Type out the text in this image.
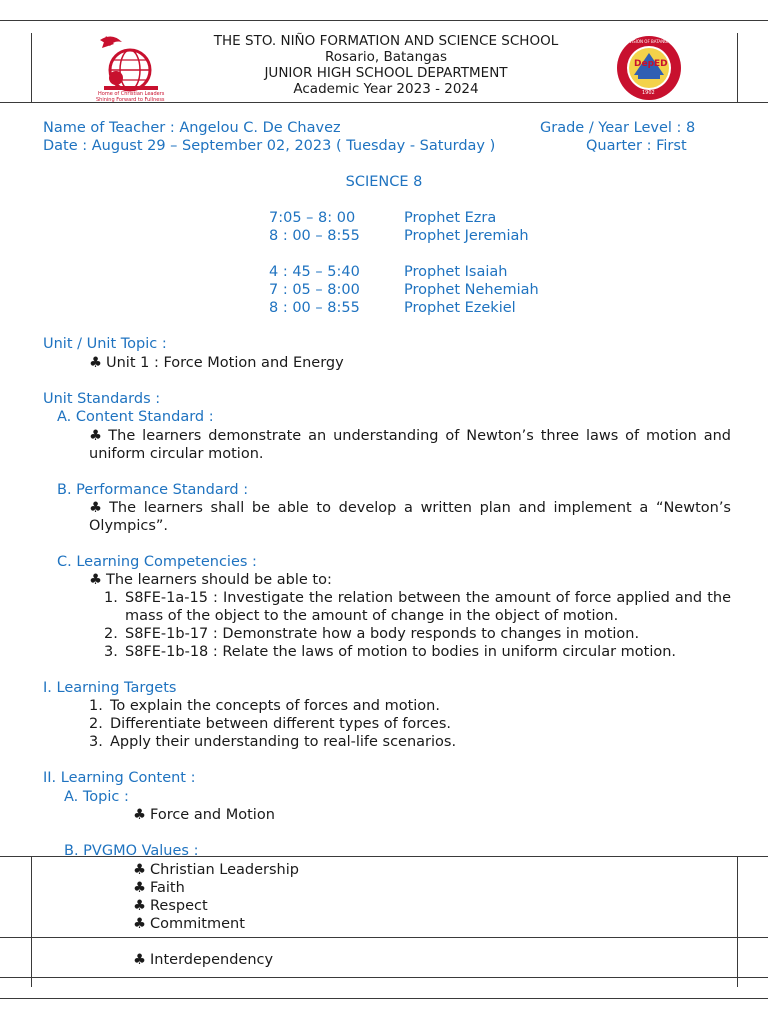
Home of Christian Leaders
Shining Forward to Fullness
THE STO. NIÑO FORMATION AND SCIENCE SCHOOL
Rosario, Batangas
JUNIOR HIGH SCHOOL DEPARTMENT
Academic Year 2023 - 2024
DepED
DIVISION OF BATANGAS
1902
Name of Teacher : Angelou C. De Chavez	Grade / Year Level : 8
Date : August 29 – September 02, 2023 ( Tuesday - Saturday )	Quarter : First
SCIENCE 8
7:05 – 8: 00	Prophet Ezra
8 : 00 – 8:55	Prophet Jeremiah
4 : 45 – 5:40	Prophet Isaiah
7 : 05 – 8:00	Prophet Nehemiah
8 : 00 – 8:55	Prophet Ezekiel
Unit / Unit Topic :
♣ Unit 1 : Force Motion and Energy
Unit Standards :
A. Content Standard :
♣ The learners demonstrate an understanding of Newton’s three laws of motion and uniform circular motion.
B. Performance Standard :
♣ The learners shall be able to develop a written plan and implement a “Newton’s Olympics”.
C. Learning Competencies :
♣ The learners should be able to:
1. S8FE-1a-15 : Investigate the relation between the amount of force applied and the mass of the object to the amount of change in the object of motion.
2. S8FE-1b-17 : Demonstrate how a body responds to changes in motion.
3. S8FE-1b-18 : Relate the laws of motion to bodies in uniform circular motion.
I. Learning Targets
1. To explain the concepts of forces and motion.
2. Differentiate between different types of forces.
3. Apply their understanding to real-life scenarios.
II. Learning Content :
A. Topic :
♣ Force and Motion
B. PVGMO Values :
♣ Christian Leadership
♣ Faith
♣ Respect
♣ Commitment
♣ Interdependency
